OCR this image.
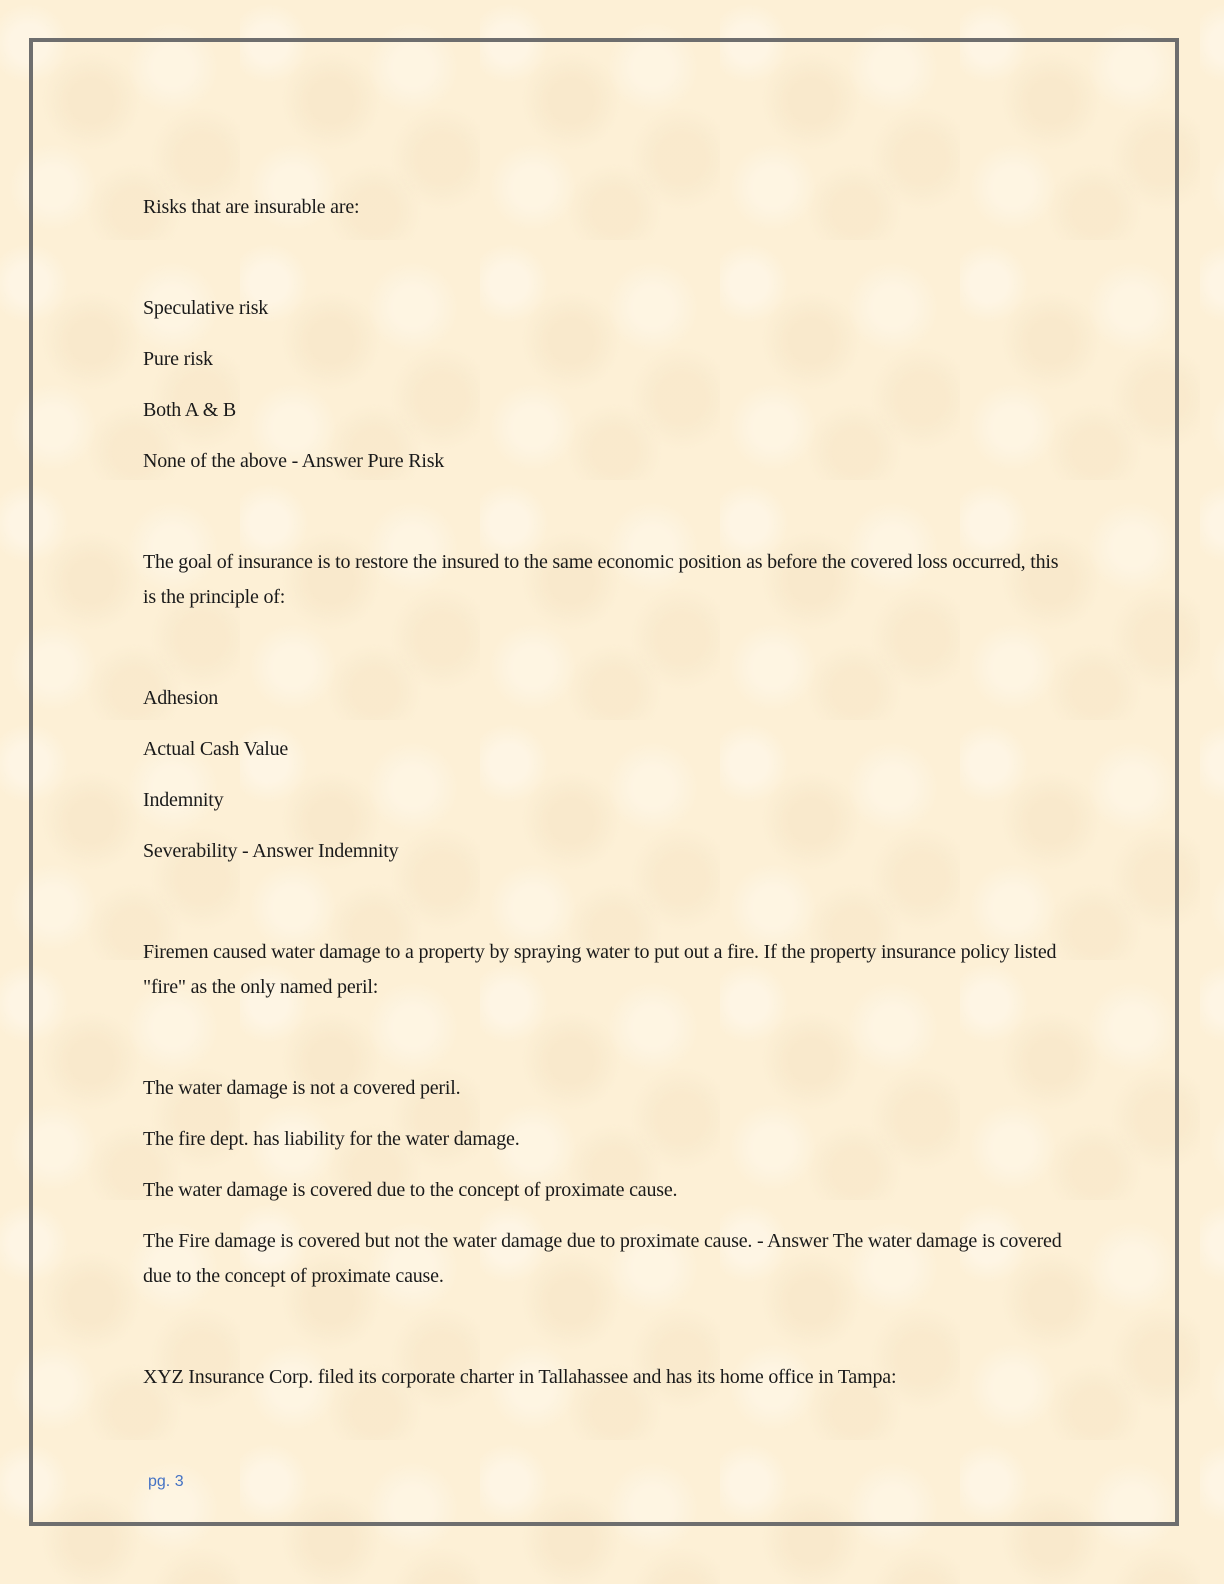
Risks that are insurable are:

Speculative risk

Pure risk

Both A & B

None of the above - Answer Pure Risk

The goal of insurance is to restore the insured to the same economic position as before the covered loss occurred, this is the principle of:

Adhesion

Actual Cash Value

Indemnity

Severability - Answer Indemnity

Firemen caused water damage to a property by spraying water to put out a fire. If the property insurance policy listed "fire" as the only named peril:

The water damage is not a covered peril.

The fire dept. has liability for the water damage.

The water damage is covered due to the concept of proximate cause.

The Fire damage is covered but not the water damage due to proximate cause. - Answer The water damage is covered due to the concept of proximate cause.

XYZ Insurance Corp. filed its corporate charter in Tallahassee and has its home office in Tampa:

pg. 3
